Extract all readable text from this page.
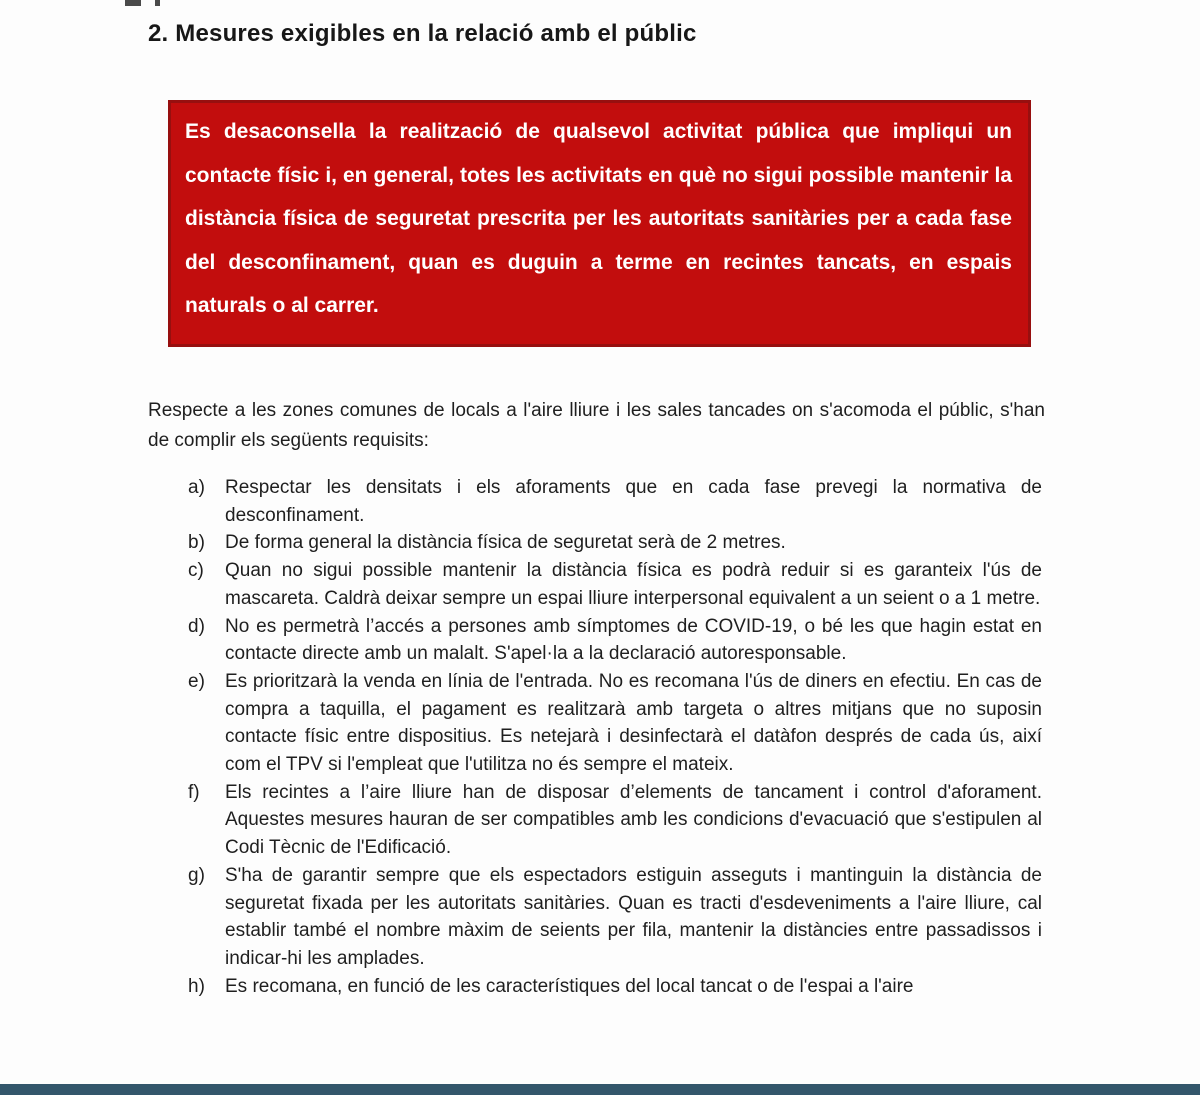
2. Mesures exigibles en la relació amb el públic

Es desaconsella la realització de qualsevol activitat pública que impliqui un contacte físic i, en general, totes les activitats en què no sigui possible mantenir la distància física de seguretat prescrita per les autoritats sanitàries per a cada fase del desconfinament, quan es duguin a terme en recintes tancats, en espais naturals o al carrer.

Respecte a les zones comunes de locals a l'aire lliure i les sales tancades on s'acomoda el públic, s'han de complir els següents requisits:

a)	Respectar les densitats i els aforaments que en cada fase prevegi la normativa de desconfinament.
b)	De forma general la distància física de seguretat serà de 2 metres.
c)	Quan no sigui possible mantenir la distància física es podrà reduir si es garanteix l'ús de mascareta. Caldrà deixar sempre un espai lliure interpersonal equivalent a un seient o a 1 metre.
d)	No es permetrà l’accés a persones amb símptomes de COVID-19, o bé les que hagin estat en contacte directe amb un malalt. S'apel·la a la declaració autoresponsable.
e)	Es prioritzarà la venda en línia de l'entrada. No es recomana l'ús de diners en efectiu. En cas de compra a taquilla, el pagament es realitzarà amb targeta o altres mitjans que no suposin contacte físic entre dispositius. Es netejarà i desinfectarà el datàfon després de cada ús, així com el TPV si l'empleat que l'utilitza no és sempre el mateix.
f)	Els recintes a l’aire lliure han de disposar d’elements de tancament i control d'aforament. Aquestes mesures hauran de ser compatibles amb les condicions d'evacuació que s'estipulen al Codi Tècnic de l'Edificació.
g)	S'ha de garantir sempre que els espectadors estiguin asseguts i mantinguin la distància de seguretat fixada per les autoritats sanitàries. Quan es tracti d'esdeveniments a l'aire lliure, cal establir també el nombre màxim de seients per fila, mantenir la distàncies entre passadissos i indicar-hi les amplades.
h)	Es recomana, en funció de les característiques del local tancat o de l'espai a l'aire
